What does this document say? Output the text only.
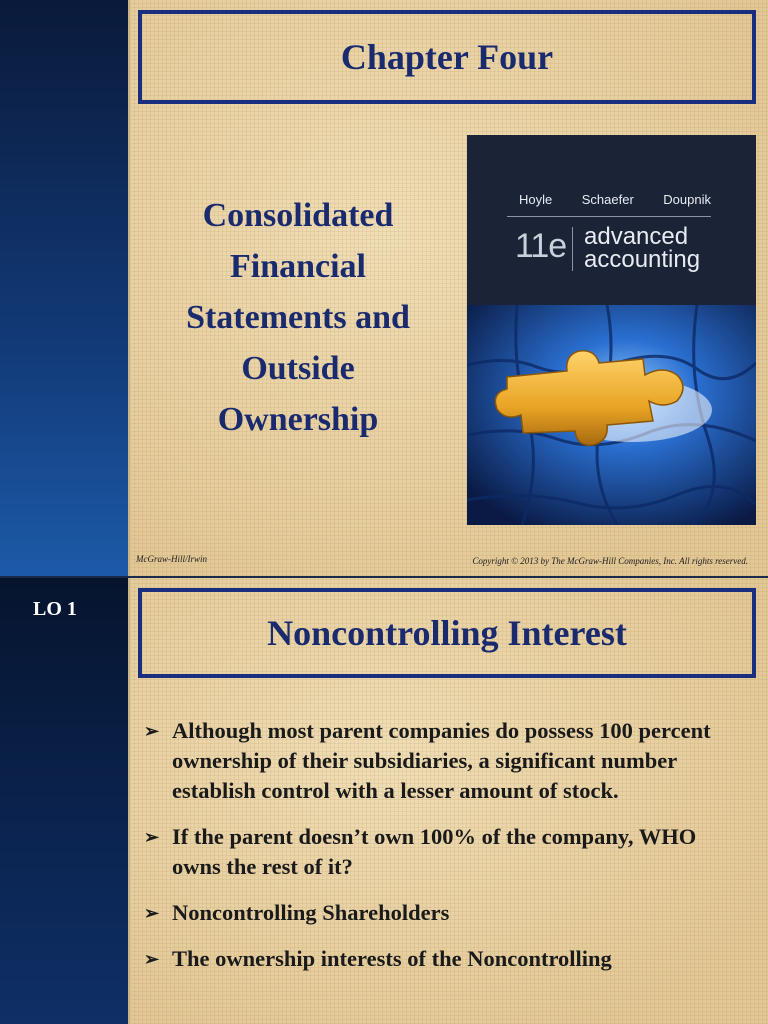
Chapter Four
Consolidated
Financial
Statements and
Outside
Ownership
Hoyle Schaefer Doupnik
11e advanced
accounting
McGraw-Hill/Irwin	Copyright © 2013 by The McGraw-Hill Companies, Inc. All rights reserved.
LO 1
Noncontrolling Interest
➢ Although most parent companies do possess 100 percent ownership of their subsidiaries, a significant number establish control with a lesser amount of stock.
➢ If the parent doesn’t own 100% of the company, WHO owns the rest of it?
➢ Noncontrolling Shareholders
➢ The ownership interests of the Noncontrolling
